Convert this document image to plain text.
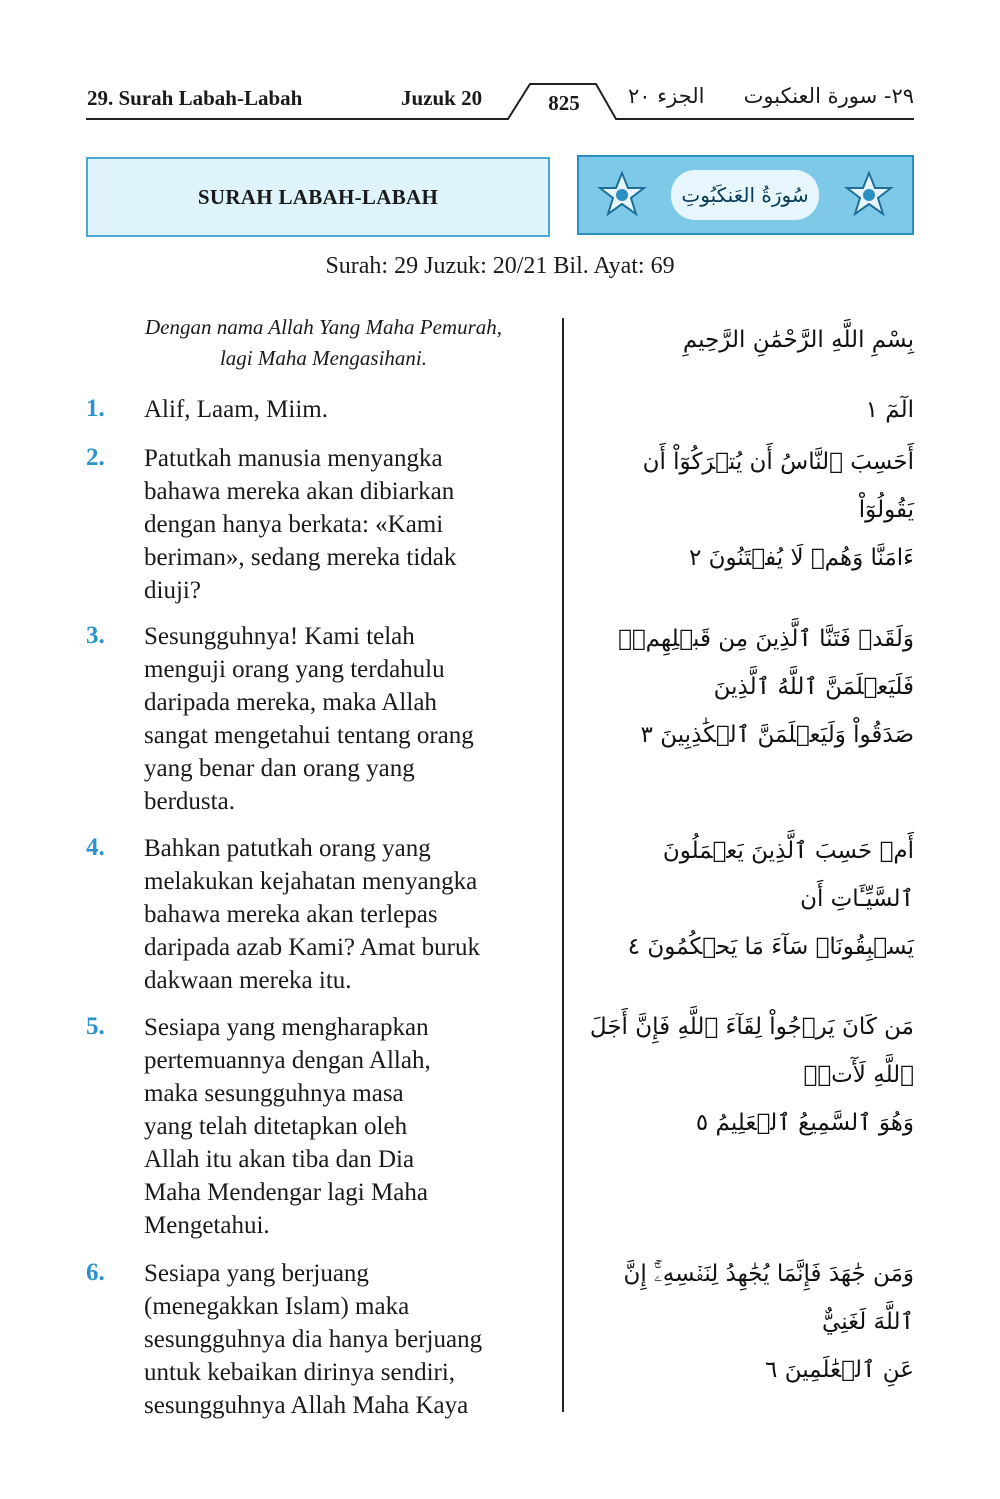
29. Surah Labah-Labah	Juzuk 20	825	الجزء ٢٠ ٢٩- سورة العنكبوت
SURAH LABAH-LABAH	سُورَةُ العَنكَبُوتِ
Surah: 29 Juzuk: 20/21 Bil. Ayat: 69
Dengan nama Allah Yang Maha Pemurah,
lagi Maha Mengasihani.
بِسْمِ اللَّهِ الرَّحْمَٰنِ الرَّحِيمِ
1. Alif, Laam, Miim.
2. Patutkah manusia menyangka
bahawa mereka akan dibiarkan
dengan hanya berkata: «Kami
beriman», sedang mereka tidak
diuji?
3. Sesungguhnya! Kami telah
menguji orang yang terdahulu
daripada mereka, maka Allah
sangat mengetahui tentang orang
yang benar dan orang yang
berdusta.
4. Bahkan patutkah orang yang
melakukan kejahatan menyangka
bahawa mereka akan terlepas
daripada azab Kami? Amat buruk
dakwaan mereka itu.
5. Sesiapa yang mengharapkan
pertemuannya dengan Allah,
maka sesungguhnya masa
yang telah ditetapkan oleh
Allah itu akan tiba dan Dia
Maha Mendengar lagi Maha
Mengetahui.
6. Sesiapa yang berjuang
(menegakkan Islam) maka
sesungguhnya dia hanya berjuang
untuk kebaikan dirinya sendiri,
sesungguhnya Allah Maha Kaya
الٓمٓ ١
أَحَسِبَ ٱلنَّاسُ أَن يُتۡرَكُوٓاْ أَن يَقُولُوٓاْ
ءَامَنَّا وَهُمۡ لَا يُفۡتَنُونَ ٢
وَلَقَدۡ فَتَنَّا ٱلَّذِينَ مِن قَبۡلِهِمۡۖ فَلَيَعۡلَمَنَّ ٱللَّهُ ٱلَّذِينَ
صَدَقُواْ وَلَيَعۡلَمَنَّ ٱلۡكَٰذِبِينَ ٣
أَمۡ حَسِبَ ٱلَّذِينَ يَعۡمَلُونَ ٱلسَّيِّـَٔاتِ أَن
يَسۡبِقُونَاۚ سَآءَ مَا يَحۡكُمُونَ ٤
مَن كَانَ يَرۡجُواْ لِقَآءَ ٱللَّهِ فَإِنَّ أَجَلَ ٱللَّهِ لَأٓتٖۚ
وَهُوَ ٱلسَّمِيعُ ٱلۡعَلِيمُ ٥
وَمَن جَٰهَدَ فَإِنَّمَا يُجَٰهِدُ لِنَفۡسِهِۦٓۚ إِنَّ ٱللَّهَ لَغَنِيٌّ
عَنِ ٱلۡعَٰلَمِينَ ٦
